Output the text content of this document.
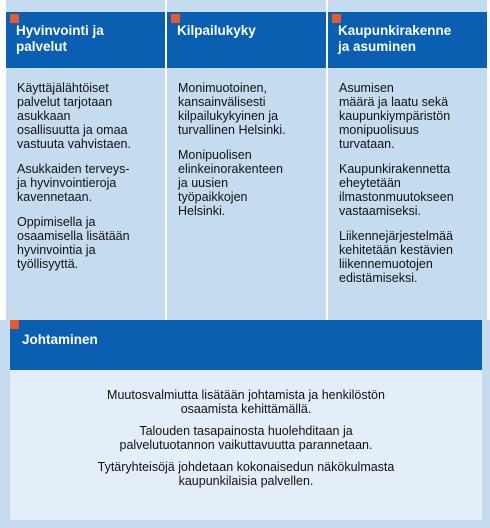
Hyvinvointi ja
palvelut

Käyttäjälähtöiset
palvelut tarjotaan
asukkaan
osallisuutta ja omaa
vastuuta vahvistaen.

Asukkaiden terveys-
ja hyvinvointieroja
kavennetaan.

Oppimisella ja
osaamisella lisätään
hyvinvointia ja
työllisyyttä.

Kilpailukyky

Monimuotoinen,
kansainvälisesti
kilpailukykyinen ja
turvallinen Helsinki.

Monipuolisen
elinkeinorakenteen
ja uusien
työpaikkojen
Helsinki.

Kaupunkirakenne
ja asuminen

Asumisen
määrä ja laatu sekä
kaupunkiympäristön
monipuolisuus
turvataan.

Kaupunkirakennetta
eheytetään
ilmastonmuutokseen
vastaamiseksi.

Liikennejärjestelmää
kehitetään kestävien
liikennemuotojen
edistämiseksi.

Johtaminen

Muutosvalmiutta lisätään johtamista ja henkilöstön
osaamista kehittämällä.

Talouden tasapainosta huolehditaan ja
palvelutuotannon vaikuttavuutta parannetaan.

Tytäryhteisöjä johdetaan kokonaisedun näkökulmasta
kaupunkilaisia palvellen.
